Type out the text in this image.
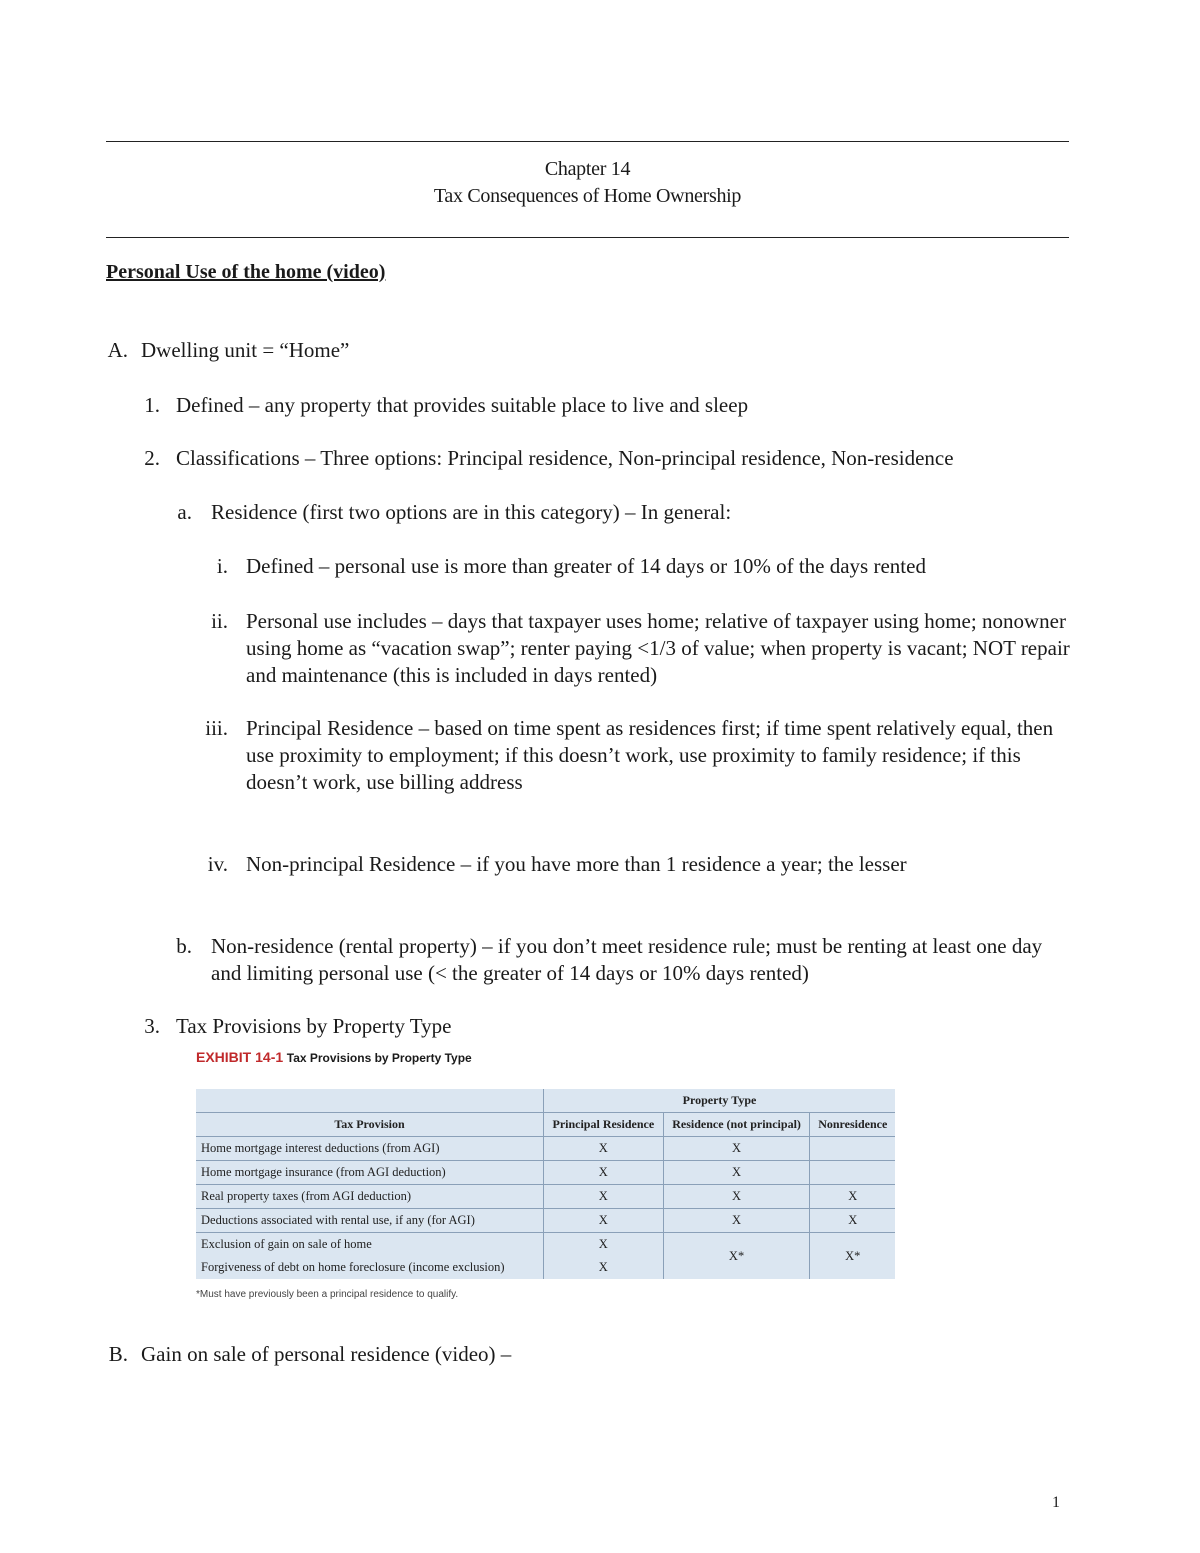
Chapter 14
Tax Consequences of Home Ownership
Personal Use of the home (video)
A. Dwelling unit = “Home”
1. Defined – any property that provides suitable place to live and sleep
2. Classifications – Three options: Principal residence, Non-principal residence, Non-residence
a. Residence (first two options are in this category) – In general:
i. Defined – personal use is more than greater of 14 days or 10% of the days rented
ii. Personal use includes – days that taxpayer uses home; relative of taxpayer using home; nonowner using home as “vacation swap”; renter paying <1/3 of value; when property is vacant; NOT repair and maintenance (this is included in days rented)
iii. Principal Residence – based on time spent as residences first; if time spent relatively equal, then use proximity to employment; if this doesn’t work, use proximity to family residence; if this doesn’t work, use billing address
iv. Non-principal Residence – if you have more than 1 residence a year; the lesser
b. Non-residence (rental property) – if you don’t meet residence rule; must be renting at least one day and limiting personal use (< the greater of 14 days or 10% days rented)
3. Tax Provisions by Property Type
EXHIBIT 14-1 Tax Provisions by Property Type
	Property Type		
Tax Provision	Principal Residence	Residence (not principal)	Nonresidence
Home mortgage interest deductions (from AGI)	X	X	
Home mortgage insurance (from AGI deduction)	X	X	
Real property taxes (from AGI deduction)	X	X	X
Deductions associated with rental use, if any (for AGI)	X	X	X
Exclusion of gain on sale of home	X	X*	X*
Forgiveness of debt on home foreclosure (income exclusion)	X		
*Must have previously been a principal residence to qualify.
B. Gain on sale of personal residence (video) –
1
